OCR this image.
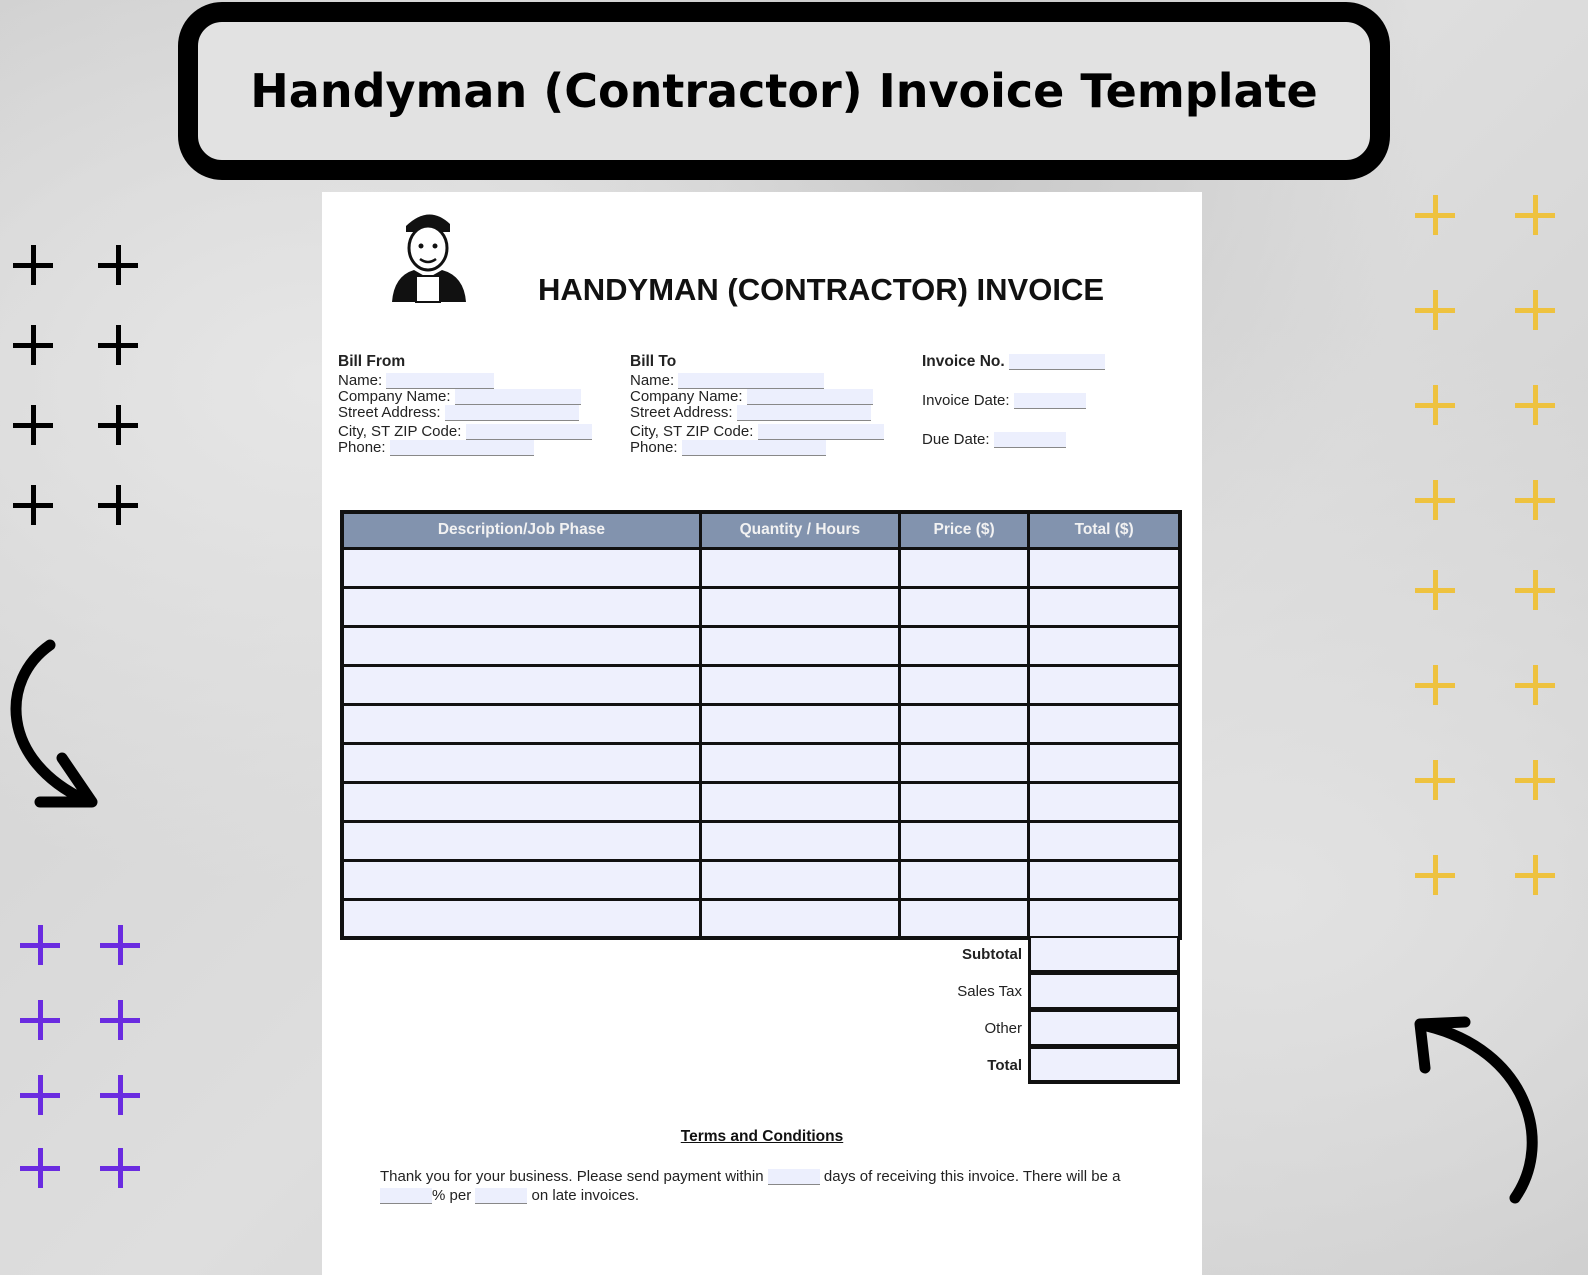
Handyman (Contractor) Invoice Template
HANDYMAN (CONTRACTOR) INVOICE
Bill From
Name:
Company Name:
Street Address:
City, ST ZIP Code:
Phone:
Bill To
Name:
Company Name:
Street Address:
City, ST ZIP Code:
Phone:
Invoice No.
Invoice Date:
Due Date:
Description/Job Phase	Quantity / Hours	Price ($)	Total ($)

Subtotal
Sales Tax
Other
Total
Terms and Conditions
Thank you for your business. Please send payment within	days of receiving this invoice. There will be a % per	on late invoices.
